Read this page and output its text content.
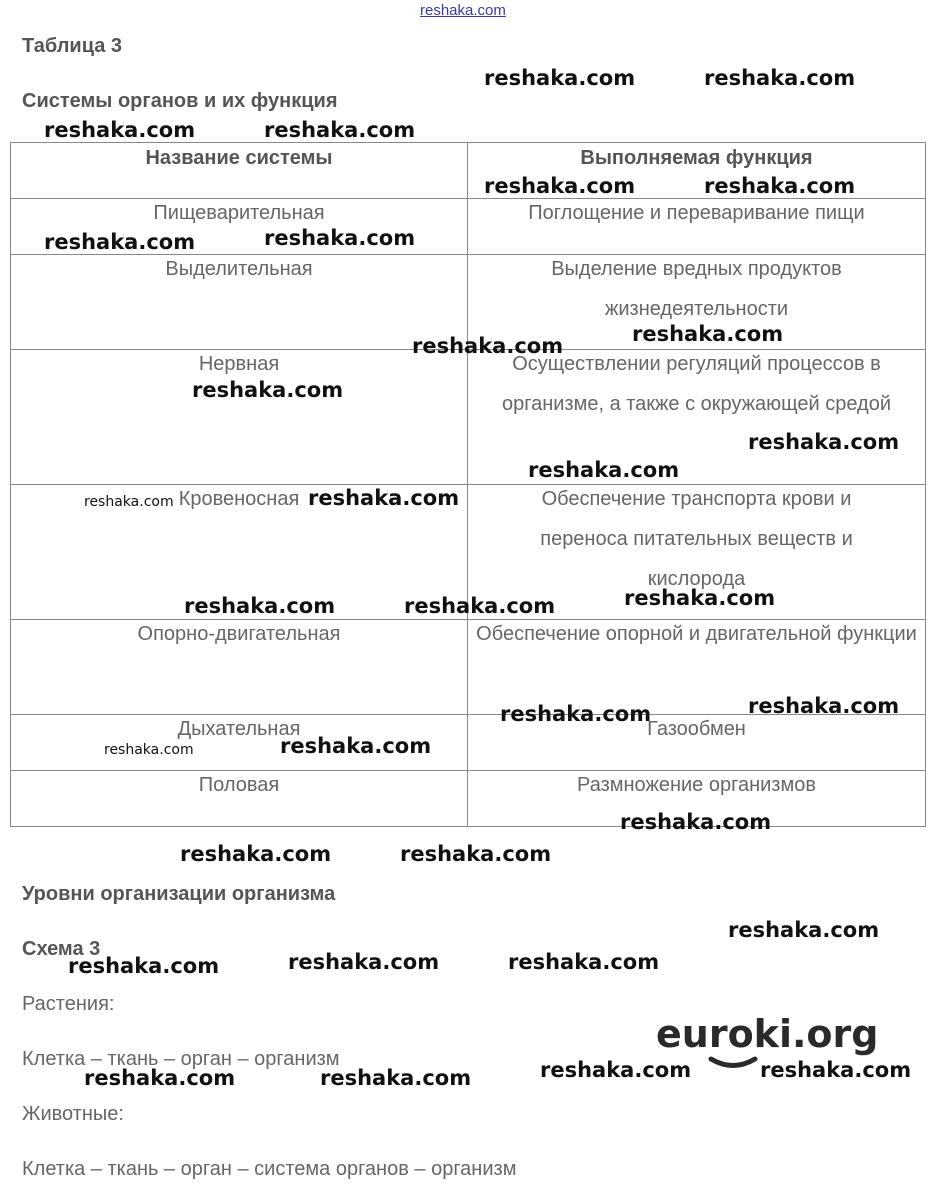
reshaka.com
Таблица 3
Системы органов и их функция
Название системы	Выполняемая функция

Пищеварительная	Поглощение и переваривание пищи

Выделительная	Выделение вредных продуктов жизнедеятельности

Нервная	Осуществлении регуляций процессов в организме, а также с окружающей средой

Кровеносная	Обеспечение транспорта крови и переноса питательных веществ и кислорода

Опорно-двигательная	Обеспечение опорной и двигательной функции

Дыхательная	Газообмен

Половая	Размножение организмов
Уровни организации организма
Схема 3
Растения:
Клетка – ткань – орган – организм
Животные:
Клетка – ткань – орган – система органов – организм
reshaka.com	reshaka.com
reshaka.com	reshaka.com
reshaka.com	reshaka.com
reshaka.com	reshaka.com
reshaka.com
reshaka.com
reshaka.com
reshaka.com
reshaka.com
reshaka.com	reshaka.com
reshaka.com
reshaka.com	reshaka.com
reshaka.com
reshaka.com
reshaka.com
reshaka.com
reshaka.com
reshaka.com	reshaka.com
reshaka.com
reshaka.com	reshaka.com	reshaka.com
reshaka.com	reshaka.com
reshaka.com	reshaka.com
euroki.org
